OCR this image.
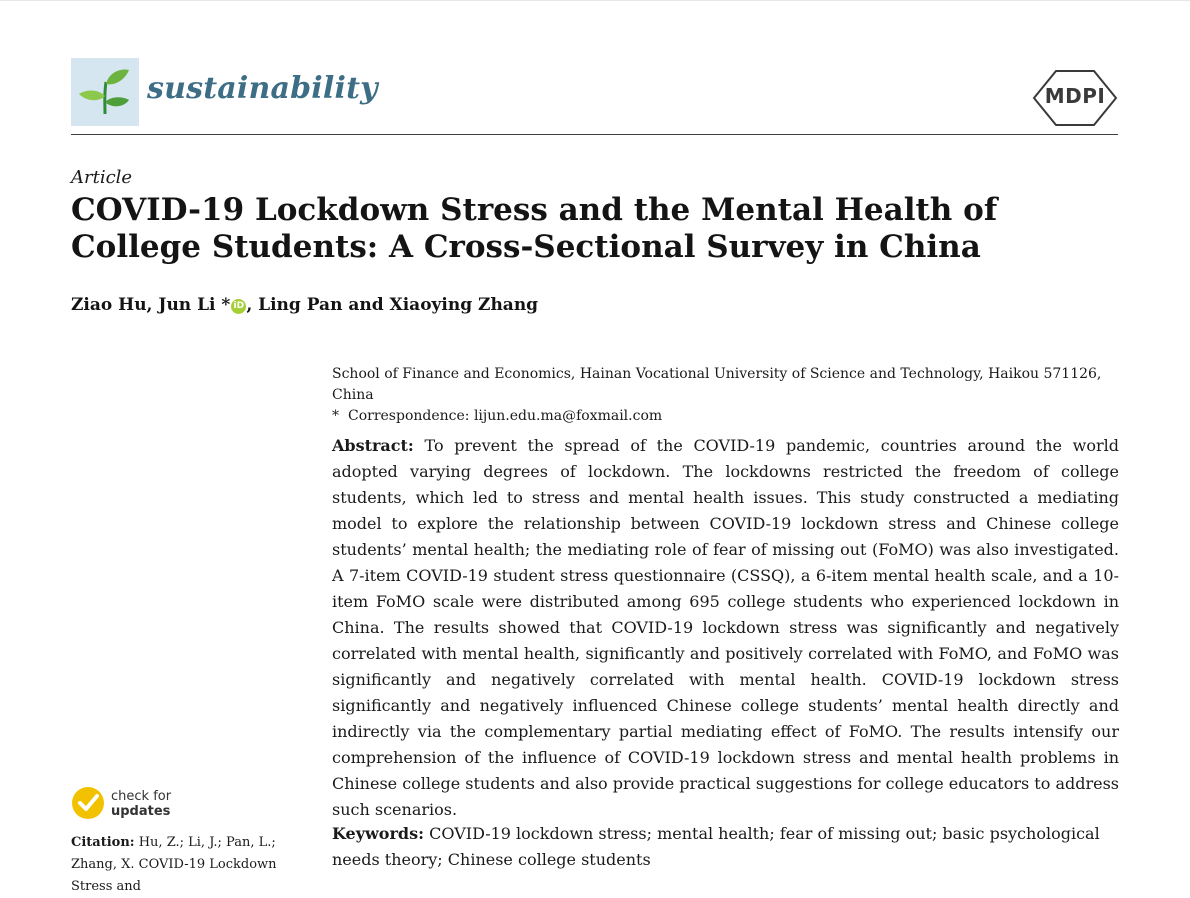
sustainability	MDPI
Article
COVID-19 Lockdown Stress and the Mental Health of College Students: A Cross-Sectional Survey in China
Ziao Hu, Jun Li * iD , Ling Pan and Xiaoying Zhang
School of Finance and Economics, Hainan Vocational University of Science and Technology, Haikou 571126, China
* Correspondence: lijun.edu.ma@foxmail.com
Abstract: To prevent the spread of the COVID-19 pandemic, countries around the world adopted varying degrees of lockdown. The lockdowns restricted the freedom of college students, which led to stress and mental health issues. This study constructed a mediating model to explore the relationship between COVID-19 lockdown stress and Chinese college students’ mental health; the mediating role of fear of missing out (FoMO) was also investigated. A 7-item COVID-19 student stress questionnaire (CSSQ), a 6-item mental health scale, and a 10-item FoMO scale were distributed among 695 college students who experienced lockdown in China. The results showed that COVID-19 lockdown stress was significantly and negatively correlated with mental health, significantly and positively correlated with FoMO, and FoMO was significantly and negatively correlated with mental health. COVID-19 lockdown stress significantly and negatively influenced Chinese college students’ mental health directly and indirectly via the complementary partial mediating effect of FoMO. The results intensify our comprehension of the influence of COVID-19 lockdown stress and mental health problems in Chinese college students and also provide practical suggestions for college educators to address such scenarios.
Keywords: COVID-19 lockdown stress; mental health; fear of missing out; basic psychological needs theory; Chinese college students
check for
updates
Citation: Hu, Z.; Li, J.; Pan, L.; Zhang, X. COVID-19 Lockdown Stress and
